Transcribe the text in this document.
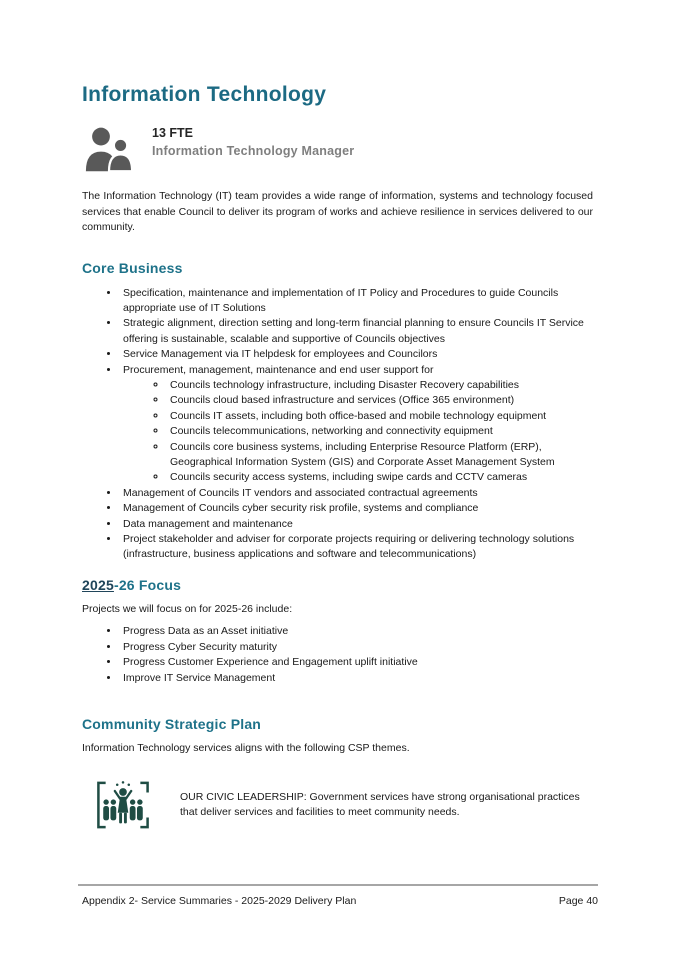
Information Technology
13 FTE
Information Technology Manager

The Information Technology (IT) team provides a wide range of information, systems and technology focused services that enable Council to deliver its program of works and achieve resilience in services delivered to our community.

Core Business
• Specification, maintenance and implementation of IT Policy and Procedures to guide Councils appropriate use of IT Solutions
• Strategic alignment, direction setting and long-term financial planning to ensure Councils IT Service offering is sustainable, scalable and supportive of Councils objectives
• Service Management via IT helpdesk for employees and Councilors
• Procurement, management, maintenance and end user support for
◦ Councils technology infrastructure, including Disaster Recovery capabilities
◦ Councils cloud based infrastructure and services (Office 365 environment)
◦ Councils IT assets, including both office-based and mobile technology equipment
◦ Councils telecommunications, networking and connectivity equipment
◦ Councils core business systems, including Enterprise Resource Platform (ERP), Geographical Information System (GIS) and Corporate Asset Management System
◦ Councils security access systems, including swipe cards and CCTV cameras
• Management of Councils IT vendors and associated contractual agreements
• Management of Councils cyber security risk profile, systems and compliance
• Data management and maintenance
• Project stakeholder and adviser for corporate projects requiring or delivering technology solutions (infrastructure, business applications and software and telecommunications)
2025-26 Focus

Projects we will focus on for 2025-26 include:

• Progress Data as an Asset initiative
• Progress Cyber Security maturity
• Progress Customer Experience and Engagement uplift initiative
• Improve IT Service Management
Community Strategic Plan

Information Technology services aligns with the following CSP themes.

OUR CIVIC LEADERSHIP: Government services have strong organisational practices that deliver services and facilities to meet community needs.

Appendix 2- Service Summaries - 2025-2029 Delivery Plan	Page 40
